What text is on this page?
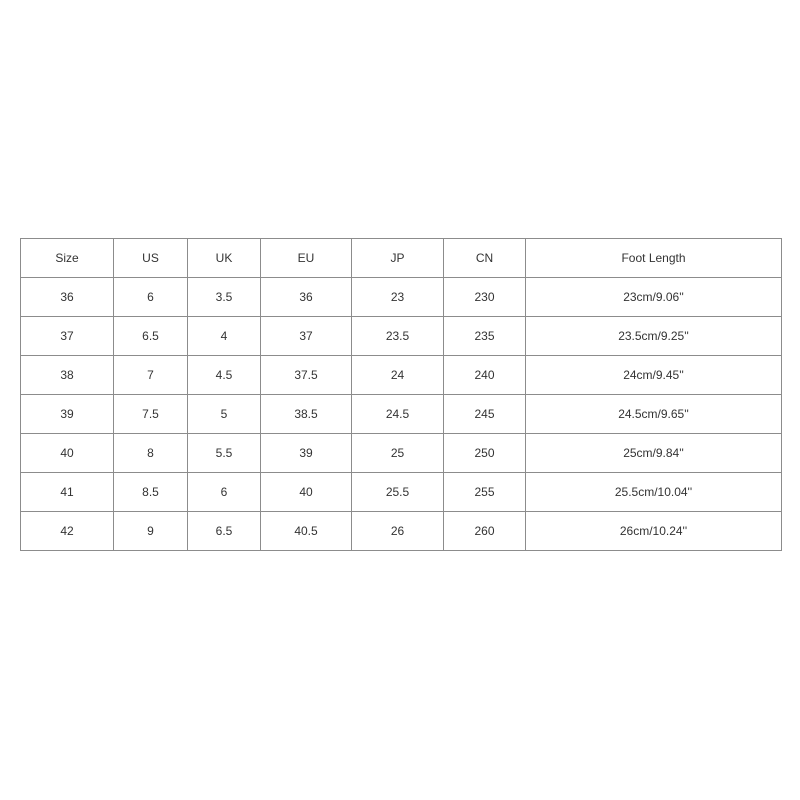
Size	US	UK	EU	JP	CN	Foot Length
36	6	3.5	36	23	230	23cm/9.06''
37	6.5	4	37	23.5	235	23.5cm/9.25''
38	7	4.5	37.5	24	240	24cm/9.45''
39	7.5	5	38.5	24.5	245	24.5cm/9.65''
40	8	5.5	39	25	250	25cm/9.84''
41	8.5	6	40	25.5	255	25.5cm/10.04''
42	9	6.5	40.5	26	260	26cm/10.24''
